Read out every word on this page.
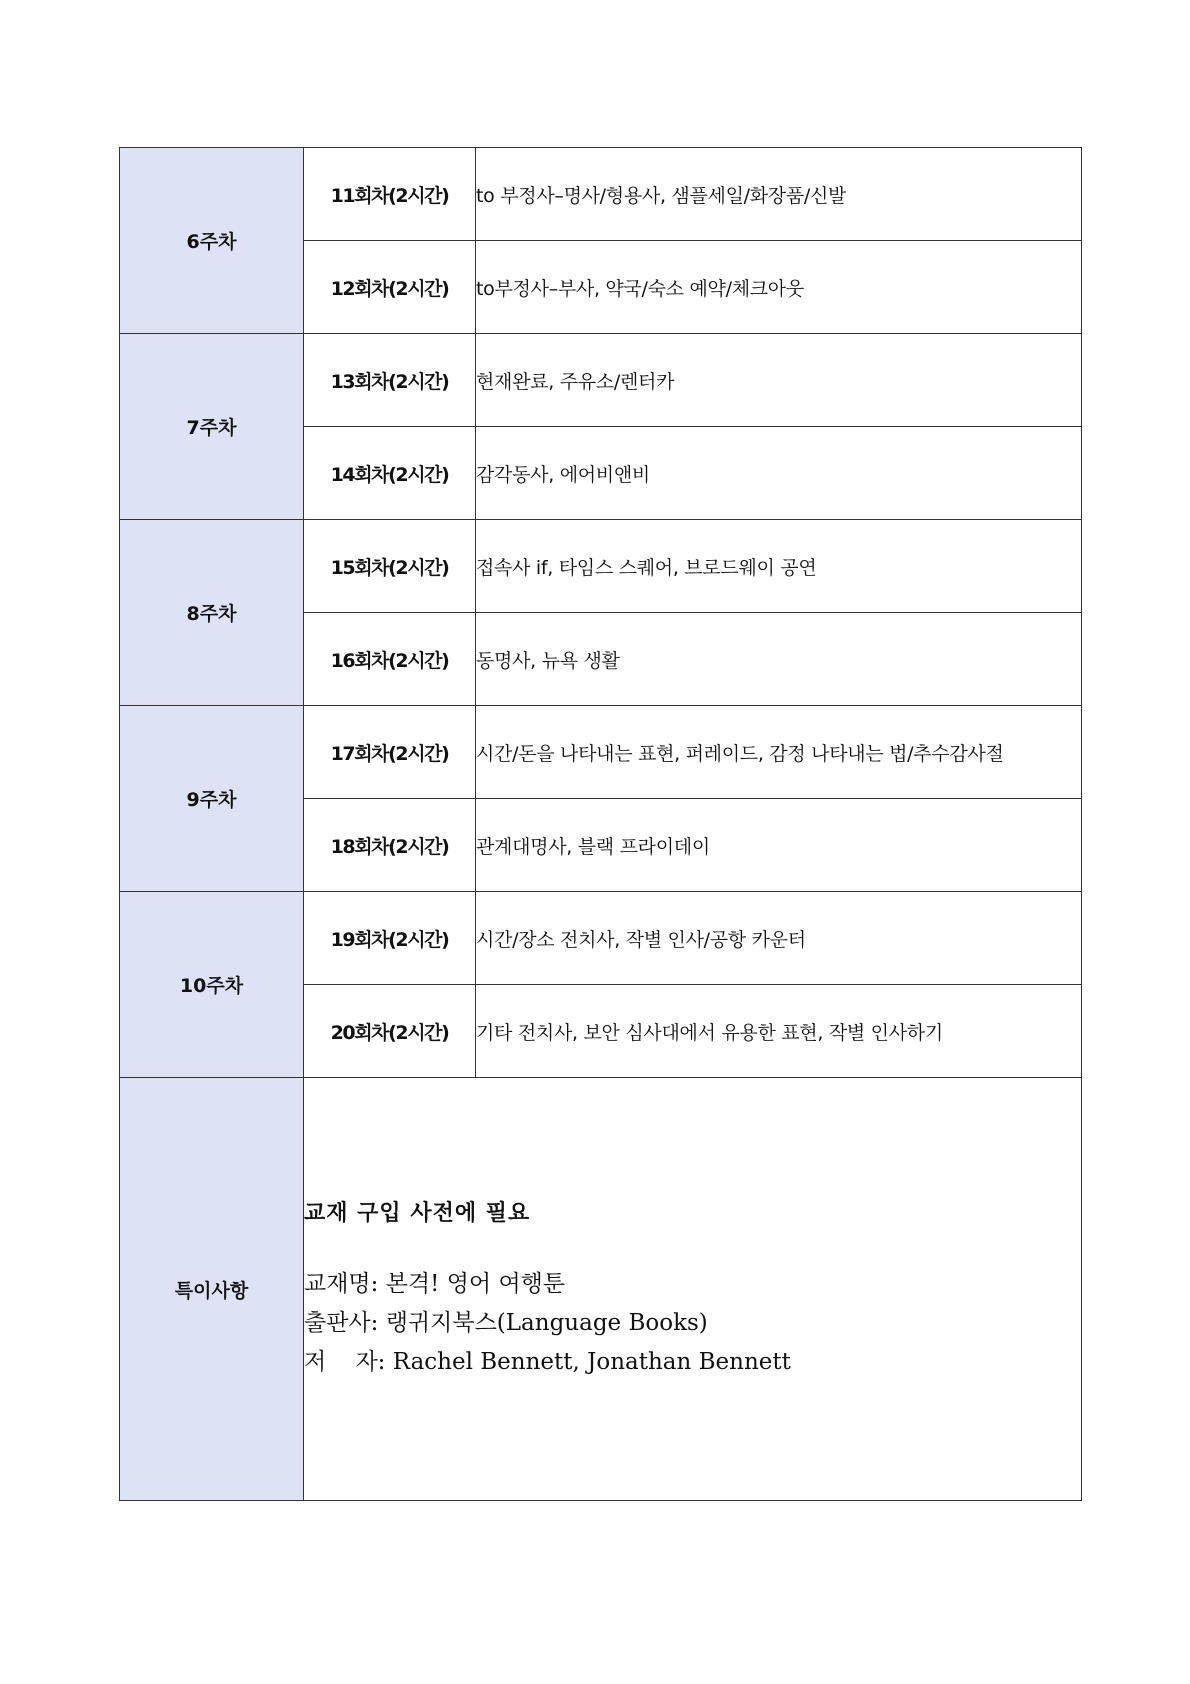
6주차	11회차(2시간)	to 부정사–명사/형용사, 샘플세일/화장품/신발
	12회차(2시간)	to부정사–부사, 약국/숙소 예약/체크아웃
7주차	13회차(2시간)	현재완료, 주유소/렌터카
	14회차(2시간)	감각동사, 에어비앤비
8주차	15회차(2시간)	접속사 if, 타임스 스퀘어, 브로드웨이 공연
	16회차(2시간)	동명사, 뉴욕 생활
9주차	17회차(2시간)	시간/돈을 나타내는 표현, 퍼레이드, 감정 나타내는 법/추수감사절
	18회차(2시간)	관계대명사, 블랙 프라이데이
10주차	19회차(2시간)	시간/장소 전치사, 작별 인사/공항 카운터
	20회차(2시간)	기타 전치사, 보안 심사대에서 유용한 표현, 작별 인사하기
특이사항	교재 구입 사전에 필요
교재명: 본격! 영어 여행툰
출판사: 랭귀지북스(Language Books)
저    자: Rachel Bennett, Jonathan Bennett	
